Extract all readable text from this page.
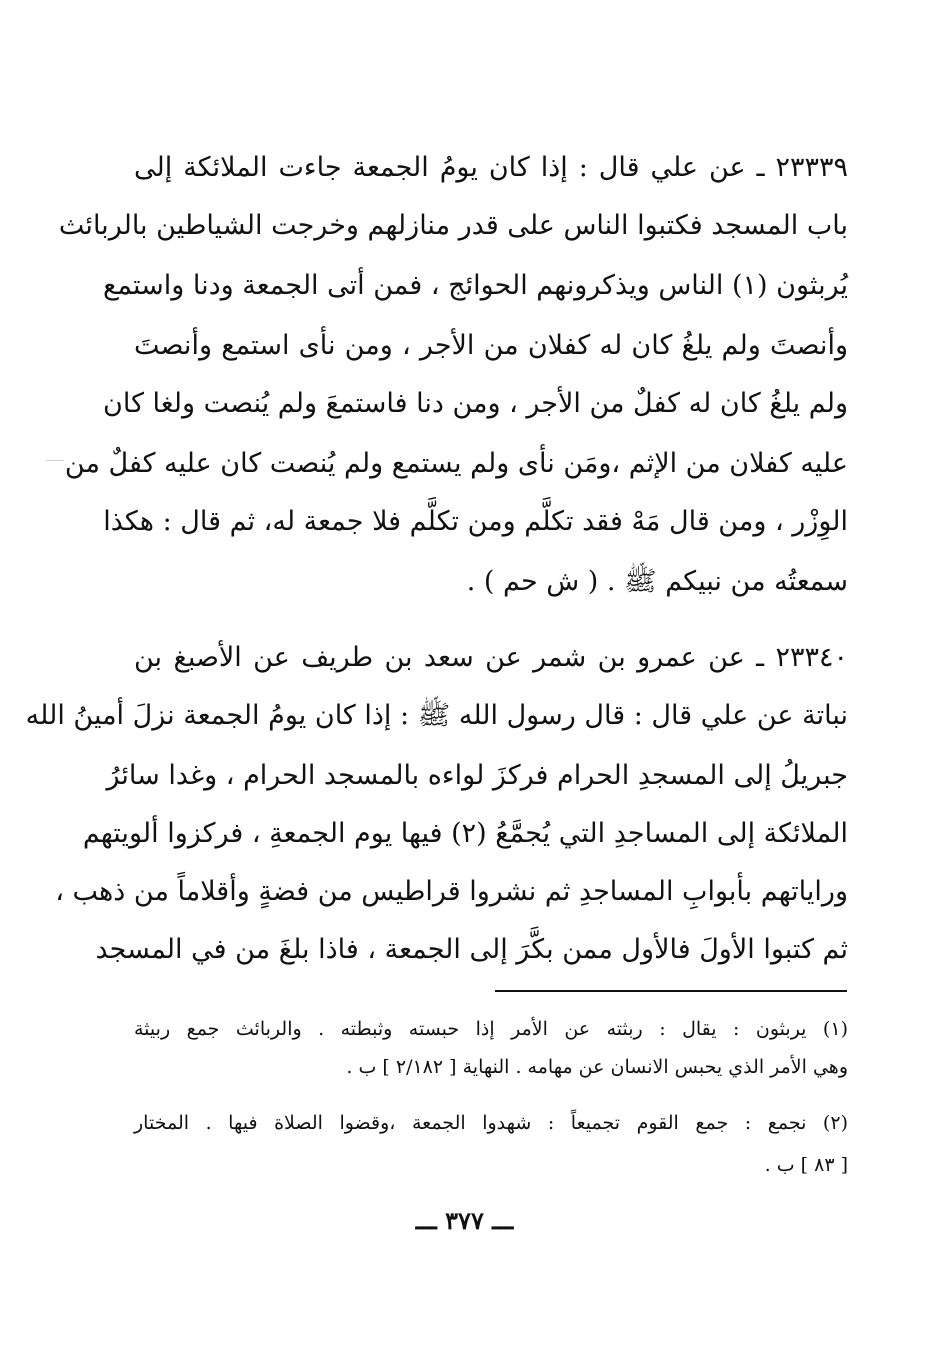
٢٣٣٣٩ ـ عن علي قال : إذا كان يومُ الجمعة جاءت الملائكة إلى
باب المسجد فكتبوا الناس على قدر منازلهم وخرجت الشياطين بالربائث
يُربثون (١) الناس ويذكرونهم الحوائج ، فمن أتى الجمعة ودنا واستمع
وأنصتَ ولم يلغُ كان له كفلان من الأجر ، ومن نأى استمع وأنصتَ
ولم يلغُ كان له كفلٌ من الأجر ، ومن دنا فاستمعَ ولم يُنصت ولغا كان
عليه كفلان من الإثم ،ومَن نأى ولم يستمع ولم يُنصت كان عليه كفلٌ من
الوِزْر ، ومن قال مَهْ فقد تكلَّم ومن تكلَّم فلا جمعة له، ثم قال : هكذا
سمعتُه من نبيكم ﷺ . ( ش حم ) .
٢٣٣٤٠ ـ عن عمرو بن شمر عن سعد بن طريف عن الأصبغ بن
نباتة عن علي قال : قال رسول الله ﷺ : إذا كان يومُ الجمعة نزلَ أمينُ الله
جبريلُ إلى المسجدِ الحرام فركزَ لواءه بالمسجد الحرام ، وغدا سائرُ
الملائكة إلى المساجدِ التي يُجمَّعُ (٢) فيها يوم الجمعةِ ، فركزوا ألويتهم
وراياتهم بأبوابِ المساجدِ ثم نشروا قراطيس من فضةٍ وأقلاماً من ذهب ،
ثم كتبوا الأولَ فالأول ممن بكَّرَ إلى الجمعة ، فاذا بلغَ من في المسجد
(١) يربثون : يقال : ربثته عن الأمر إذا حبسته وثبطته . والربائث جمع ربيثة
وهي الأمر الذي يحبس الانسان عن مهامه . النهاية [ ٢/١٨٢ ] ب .
(٢) نجمع : جمع القوم تجميعاً : شهدوا الجمعة ،وقضوا الصلاة فيها . المختار
[ ٨٣ ] ب .
ـــ ٣٧٧ ـــ
